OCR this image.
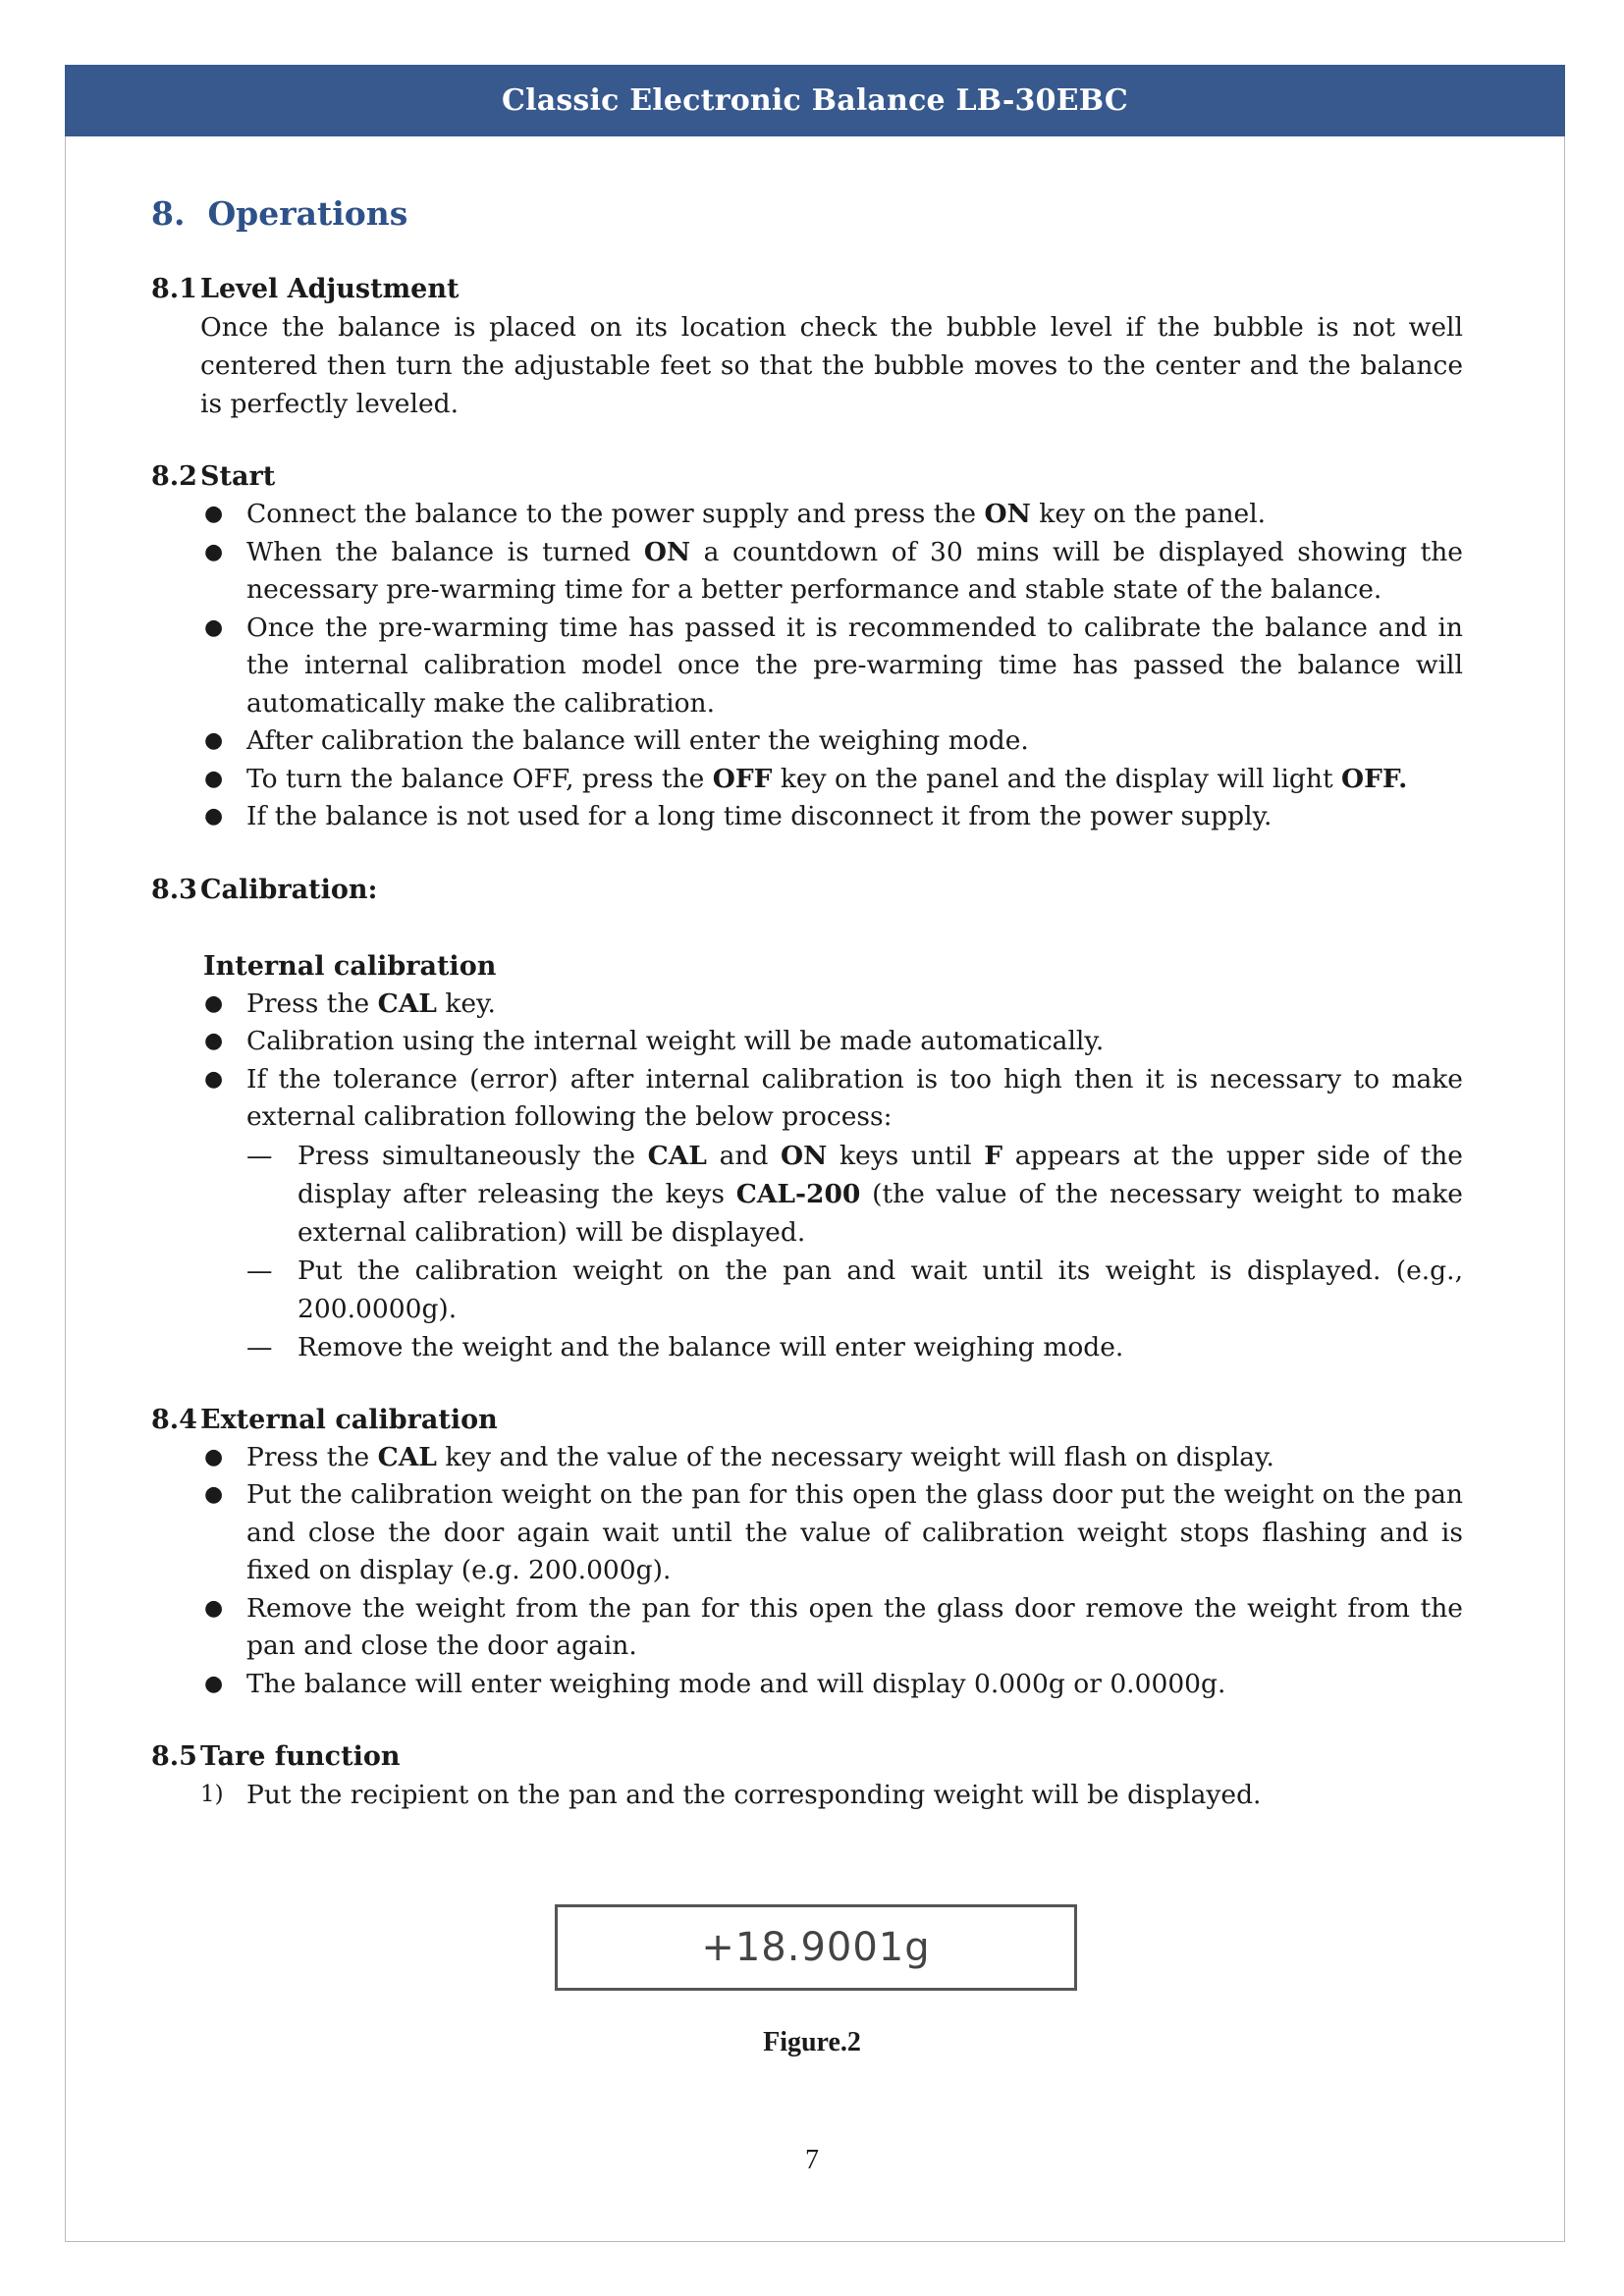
Classic Electronic Balance LB-30EBC
8. Operations

8.1 Level Adjustment

Once the balance is placed on its location check the bubble level if the bubble is not well centered then turn the adjustable feet so that the bubble moves to the center and the balance is perfectly leveled.

8.2 Start

● Connect the balance to the power supply and press the ON key on the panel.
● When the balance is turned ON a countdown of 30 mins will be displayed showing the necessary pre-warming time for a better performance and stable state of the balance.
● Once the pre-warming time has passed it is recommended to calibrate the balance and in the internal calibration model once the pre-warming time has passed the balance will automatically make the calibration.
● After calibration the balance will enter the weighing mode.
● To turn the balance OFF, press the OFF key on the panel and the display will light OFF.
● If the balance is not used for a long time disconnect it from the power supply.

8.3 Calibration:

Internal calibration

● Press the CAL key.
● Calibration using the internal weight will be made automatically.
● If the tolerance (error) after internal calibration is too high then it is necessary to make external calibration following the below process:
— Press simultaneously the CAL and ON keys until F appears at the upper side of the display after releasing the keys CAL-200 (the value of the necessary weight to make external calibration) will be displayed.
— Put the calibration weight on the pan and wait until its weight is displayed. (e.g., 200.0000g).
— Remove the weight and the balance will enter weighing mode.

8.4 External calibration

● Press the CAL key and the value of the necessary weight will flash on display.
● Put the calibration weight on the pan for this open the glass door put the weight on the pan and close the door again wait until the value of calibration weight stops flashing and is fixed on display (e.g. 200.000g).
● Remove the weight from the pan for this open the glass door remove the weight from the pan and close the door again.
● The balance will enter weighing mode and will display 0.000g or 0.0000g.

8.5 Tare function

1) Put the recipient on the pan and the corresponding weight will be displayed.
+18.9001g
Figure.2
7
